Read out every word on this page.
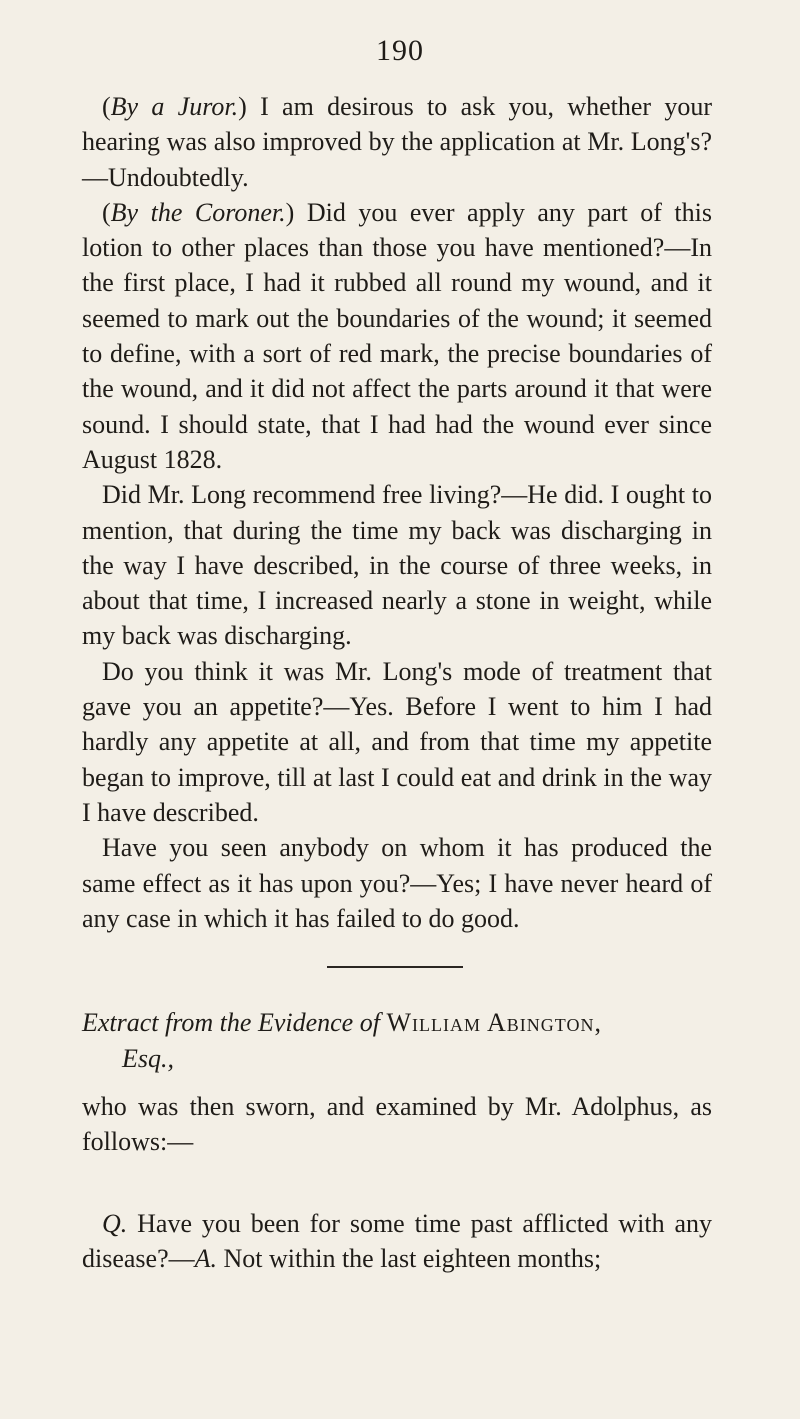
190

(By a Juror.) I am desirous to ask you, whether your hearing was also improved by the application at Mr. Long's?—Undoubtedly.

(By the Coroner.) Did you ever apply any part of this lotion to other places than those you have mentioned?—In the first place, I had it rubbed all round my wound, and it seemed to mark out the boundaries of the wound; it seemed to define, with a sort of red mark, the precise boundaries of the wound, and it did not affect the parts around it that were sound. I should state, that I had had the wound ever since August 1828.

Did Mr. Long recommend free living?—He did. I ought to mention, that during the time my back was discharging in the way I have described, in the course of three weeks, in about that time, I increased nearly a stone in weight, while my back was discharging.

Do you think it was Mr. Long's mode of treatment that gave you an appetite?—Yes. Before I went to him I had hardly any appetite at all, and from that time my appetite began to improve, till at last I could eat and drink in the way I have described.

Have you seen anybody on whom it has produced the same effect as it has upon you?—Yes; I have never heard of any case in which it has failed to do good.

Extract from the Evidence of William Abington,
Esq.,

who was then sworn, and examined by Mr. Adolphus, as follows:—

Q. Have you been for some time past afflicted with any disease?—A. Not within the last eighteen months;
